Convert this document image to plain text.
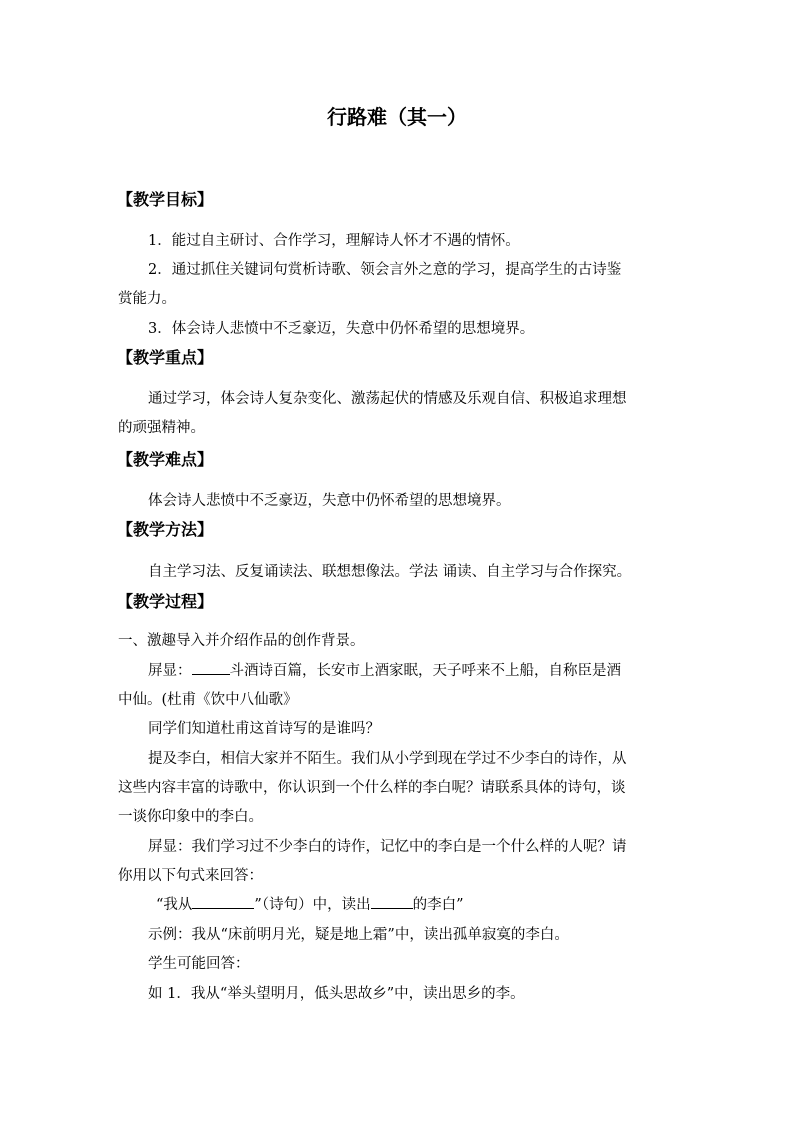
行路难（其一）
【教学目标】
1．能过自主研讨、合作学习，理解诗人怀才不遇的情怀。
2．通过抓住关键词句赏析诗歌、领会言外之意的学习，提高学生的古诗鉴
赏能力。
3．体会诗人悲愤中不乏豪迈，失意中仍怀希望的思想境界。
【教学重点】
通过学习，体会诗人复杂变化、激荡起伏的情感及乐观自信、积极追求理想
的顽强精神。
【教学难点】
体会诗人悲愤中不乏豪迈，失意中仍怀希望的思想境界。
【教学方法】
自主学习法、反复诵读法、联想想像法。学法 诵读、自主学习与合作探究。
【教学过程】
一、激趣导入并介绍作品的创作背景。
屏显：	斗酒诗百篇，长安市上酒家眠，天子呼来不上船，自称臣是酒
中仙。(杜甫《饮中八仙歌》
同学们知道杜甫这首诗写的是谁吗？
提及李白，相信大家并不陌生。我们从小学到现在学过不少李白的诗作，从
这些内容丰富的诗歌中，你认识到一个什么样的李白呢？请联系具体的诗句，谈
一谈你印象中的李白。
屏显：我们学习过不少李白的诗作，记忆中的李白是一个什么样的人呢？请
你用以下句式来回答：
“我从	”（诗句）中，读出	的李白”
示例：我从“床前明月光，疑是地上霜”中，读出孤单寂寞的李白。
学生可能回答：
如 1．我从“举头望明月，低头思故乡”中，读出思乡的李。
